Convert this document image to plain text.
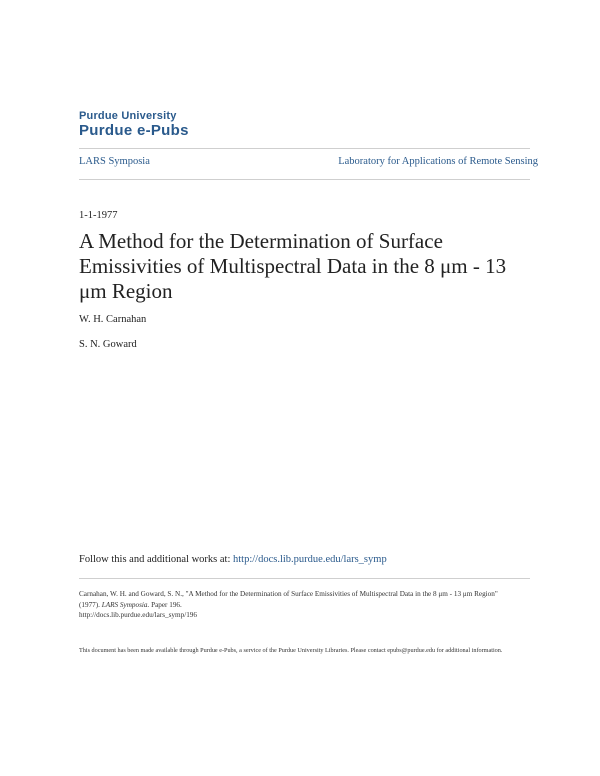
Purdue University
Purdue e-Pubs
LARS Symposia	Laboratory for Applications of Remote Sensing
1-1-1977
A Method for the Determination of Surface Emissivities of Multispectral Data in the 8 μm - 13 μm Region
W. H. Carnahan
S. N. Goward
Follow this and additional works at: http://docs.lib.purdue.edu/lars_symp
Carnahan, W. H. and Goward, S. N., "A Method for the Determination of Surface Emissivities of Multispectral Data in the 8 μm - 13 μm Region" (1977). LARS Symposia. Paper 196.
http://docs.lib.purdue.edu/lars_symp/196
This document has been made available through Purdue e-Pubs, a service of the Purdue University Libraries. Please contact epubs@purdue.edu for additional information.
